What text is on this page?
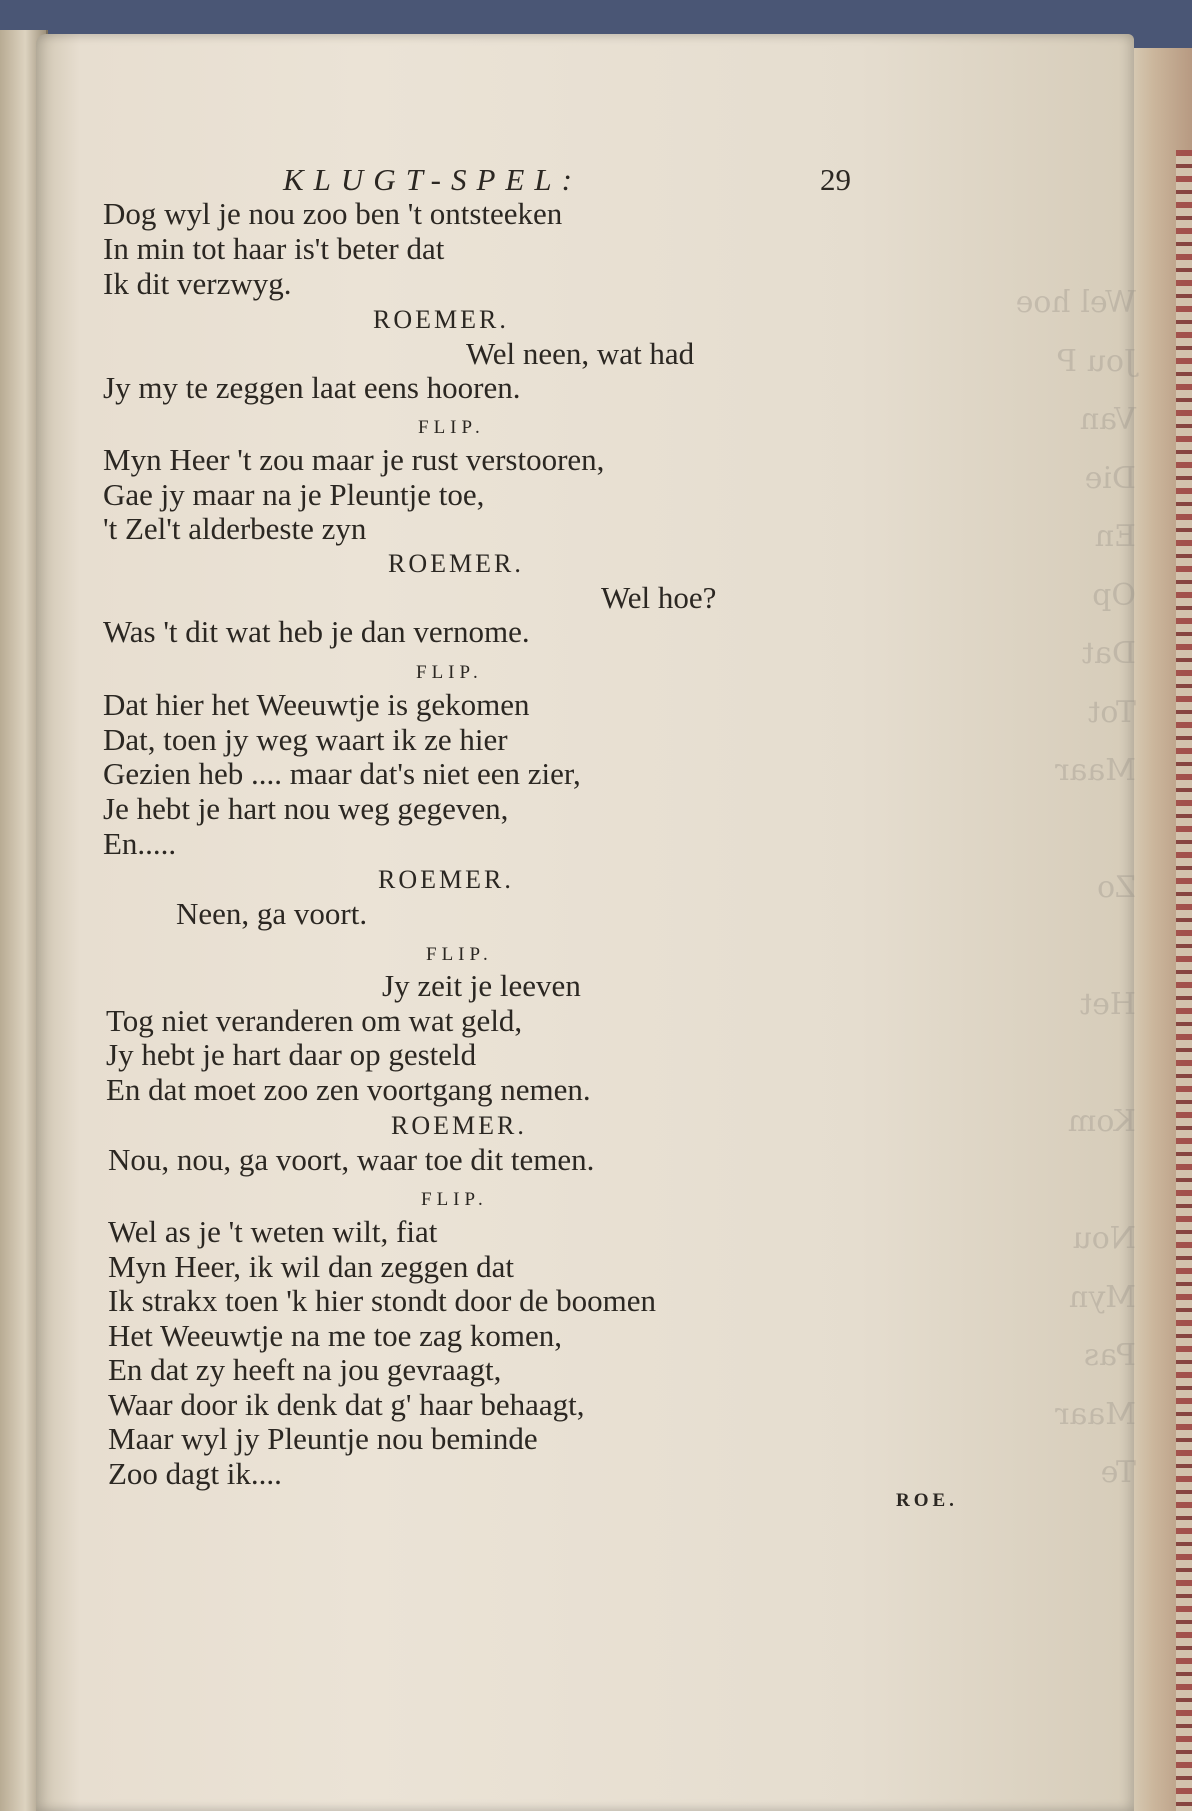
Wel hoe
Jou P
Van
Die
En
Op
Dat
Tot
Maar

Zo

Het

Kom

Nou
Myn
Pas
Maar
Te

KLUGT-SPEL:	29

Dog wyl je nou zoo ben 't ontsteeken

In min tot haar is't beter dat

Ik dit verzwyg.

ROEMER.

Wel neen, wat had

Jy my te zeggen laat eens hooren.

FLIP.

Myn Heer 't zou maar je rust verstooren,

Gae jy maar na je Pleuntje toe,

't Zel't alderbeste zyn

ROEMER.

Wel hoe?

Was 't dit wat heb je dan vernome.

FLIP.

Dat hier het Weeuwtje is gekomen

Dat, toen jy weg waart ik ze hier

Gezien heb .... maar dat's niet een zier,

Je hebt je hart nou weg gegeven,

En.....

ROEMER.

Neen, ga voort.

FLIP.

Jy zeit je leeven

Tog niet veranderen om wat geld,

Jy hebt je hart daar op gesteld

En dat moet zoo zen voortgang nemen.

ROEMER.

Nou, nou, ga voort, waar toe dit temen.

FLIP.

Wel as je 't weten wilt, fiat

Myn Heer, ik wil dan zeggen dat

Ik strakx toen 'k hier stondt door de boomen

Het Weeuwtje na me toe zag komen,

En dat zy heeft na jou gevraagt,

Waar door ik denk dat g' haar behaagt,

Maar wyl jy Pleuntje nou beminde

Zoo dagt ik....

ROE.
